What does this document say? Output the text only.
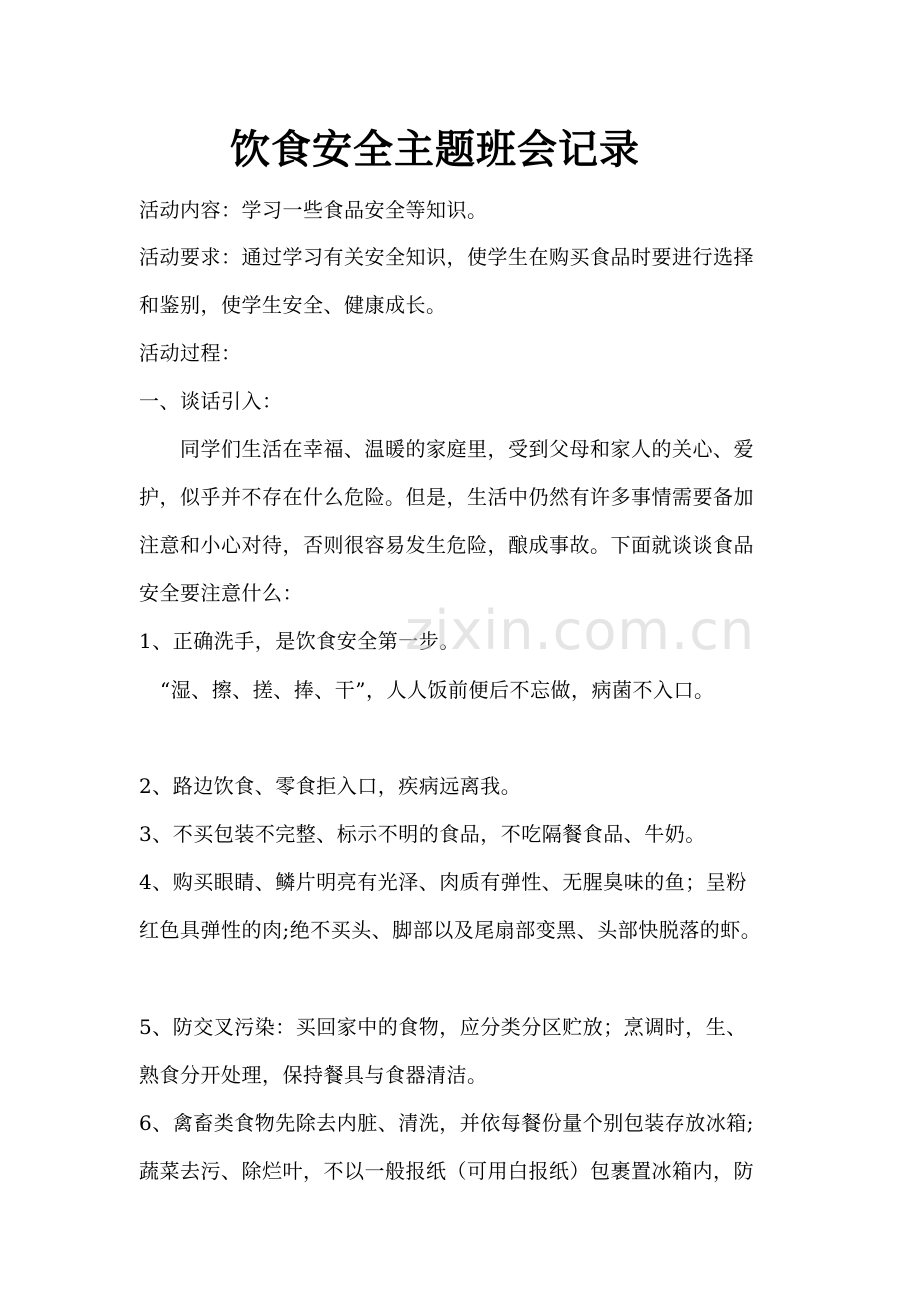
饮食安全主题班会记录
活动内容：学习一些食品安全等知识。
活动要求：通过学习有关安全知识，使学生在购买食品时要进行选择
和鉴别，使学生安全、健康成长。
活动过程：
一、谈话引入：
同学们生活在幸福、温暖的家庭里，受到父母和家人的关心、爱
护，似乎并不存在什么危险。但是，生活中仍然有许多事情需要备加
注意和小心对待，否则很容易发生危险，酿成事故。下面就谈谈食品
安全要注意什么：
1、正确洗手，是饮食安全第一步。
“湿、擦、搓、捧、干”，人人饭前便后不忘做，病菌不入口。
2、路边饮食、零食拒入口，疾病远离我。
3、不买包装不完整、标示不明的食品，不吃隔餐食品、牛奶。
4、购买眼睛、鳞片明亮有光泽、肉质有弹性、无腥臭味的鱼；呈粉
红色具弹性的肉;绝不买头、脚部以及尾扇部变黑、头部快脱落的虾。
5、防交叉污染：买回家中的食物，应分类分区贮放；烹调时，生、
熟食分开处理，保持餐具与食器清洁。
6、禽畜类食物先除去内脏、清洗，并依每餐份量个别包装存放冰箱;
蔬菜去污、除烂叶，不以一般报纸（可用白报纸）包裹置冰箱内，防
zixin.com.cn
